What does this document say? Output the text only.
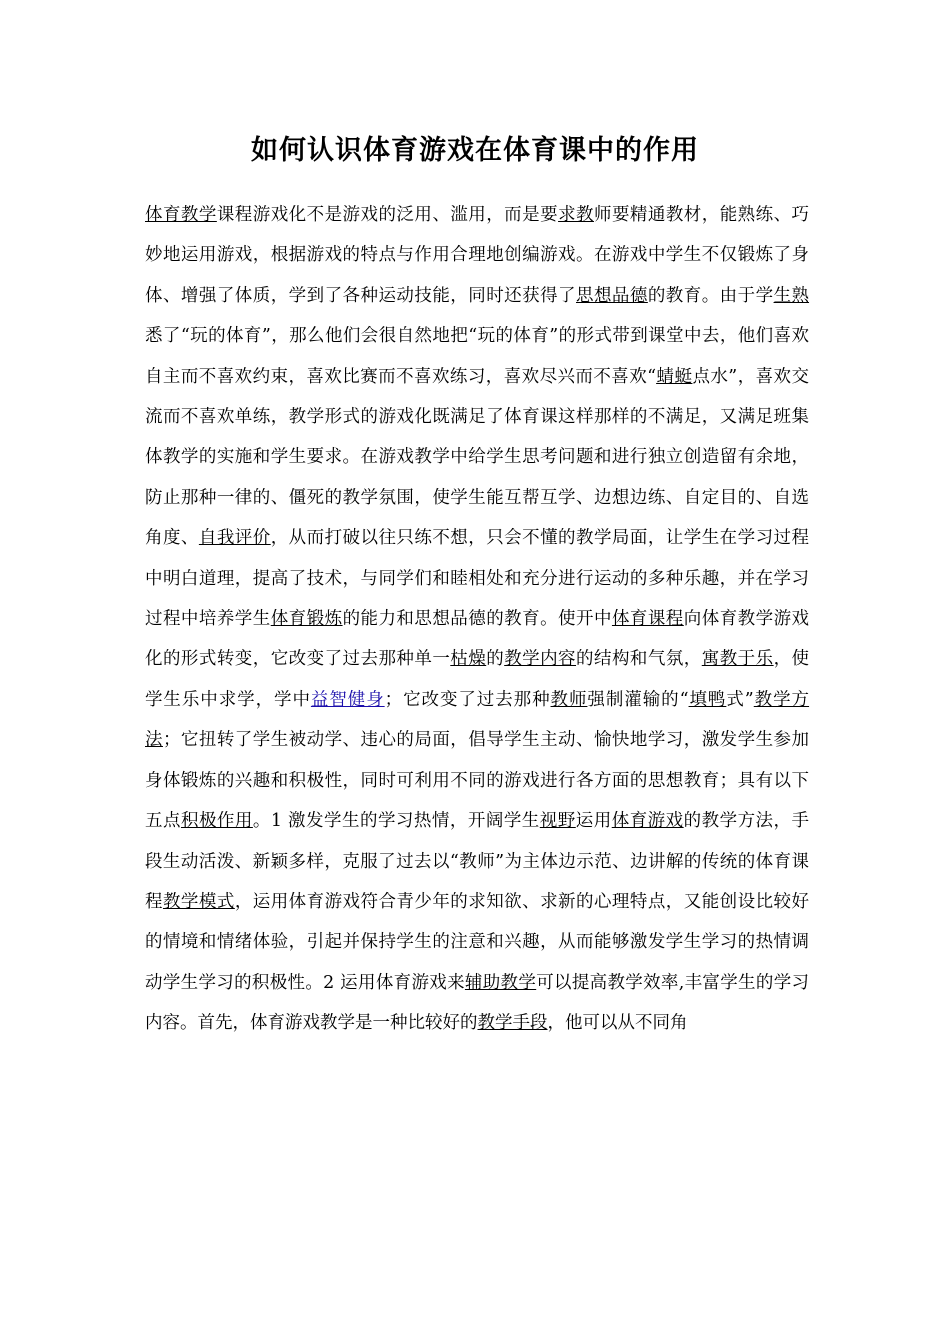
如何认识体育游戏在体育课中的作用

体育教学课程游戏化不是游戏的泛用、滥用，而是要求教师要精通教材，能熟练、巧妙地运用游戏，根据游戏的特点与作用合理地创编游戏。在游戏中学生不仅锻炼了身体、增强了体质，学到了各种运动技能，同时还获得了思想品德的教育。由于学生熟悉了“玩的体育”，那么他们会很自然地把“玩的体育”的形式带到课堂中去，他们喜欢自主而不喜欢约束，喜欢比赛而不喜欢练习，喜欢尽兴而不喜欢“蜻蜓点水”，喜欢交流而不喜欢单练，教学形式的游戏化既满足了体育课这样那样的不满足，又满足班集体教学的实施和学生要求。在游戏教学中给学生思考问题和进行独立创造留有余地，防止那种一律的、僵死的教学氛围，使学生能互帮互学、边想边练、自定目的、自选角度、自我评价，从而打破以往只练不想，只会不懂的教学局面，让学生在学习过程中明白道理，提高了技术，与同学们和睦相处和充分进行运动的多种乐趣，并在学习过程中培养学生体育锻炼的能力和思想品德的教育。使开中体育课程向体育教学游戏化的形式转变，它改变了过去那种单一枯燥的教学内容的结构和气氛，寓教于乐，使学生乐中求学，学中益智健身；它改变了过去那种教师强制灌输的“填鸭式”教学方法；它扭转了学生被动学、违心的局面，倡导学生主动、愉快地学习，激发学生参加身体锻炼的兴趣和积极性，同时可利用不同的游戏进行各方面的思想教育；具有以下五点积极作用。1 激发学生的学习热情，开阔学生视野运用体育游戏的教学方法，手段生动活泼、新颖多样，克服了过去以“教师”为主体边示范、边讲解的传统的体育课程教学模式，运用体育游戏符合青少年的求知欲、求新的心理特点，又能创设比较好的情境和情绪体验，引起并保持学生的注意和兴趣，从而能够激发学生学习的热情调动学生学习的积极性。2 运用体育游戏来辅助教学可以提高教学效率,丰富学生的学习内容。首先，体育游戏教学是一种比较好的教学手段，他可以从不同角
